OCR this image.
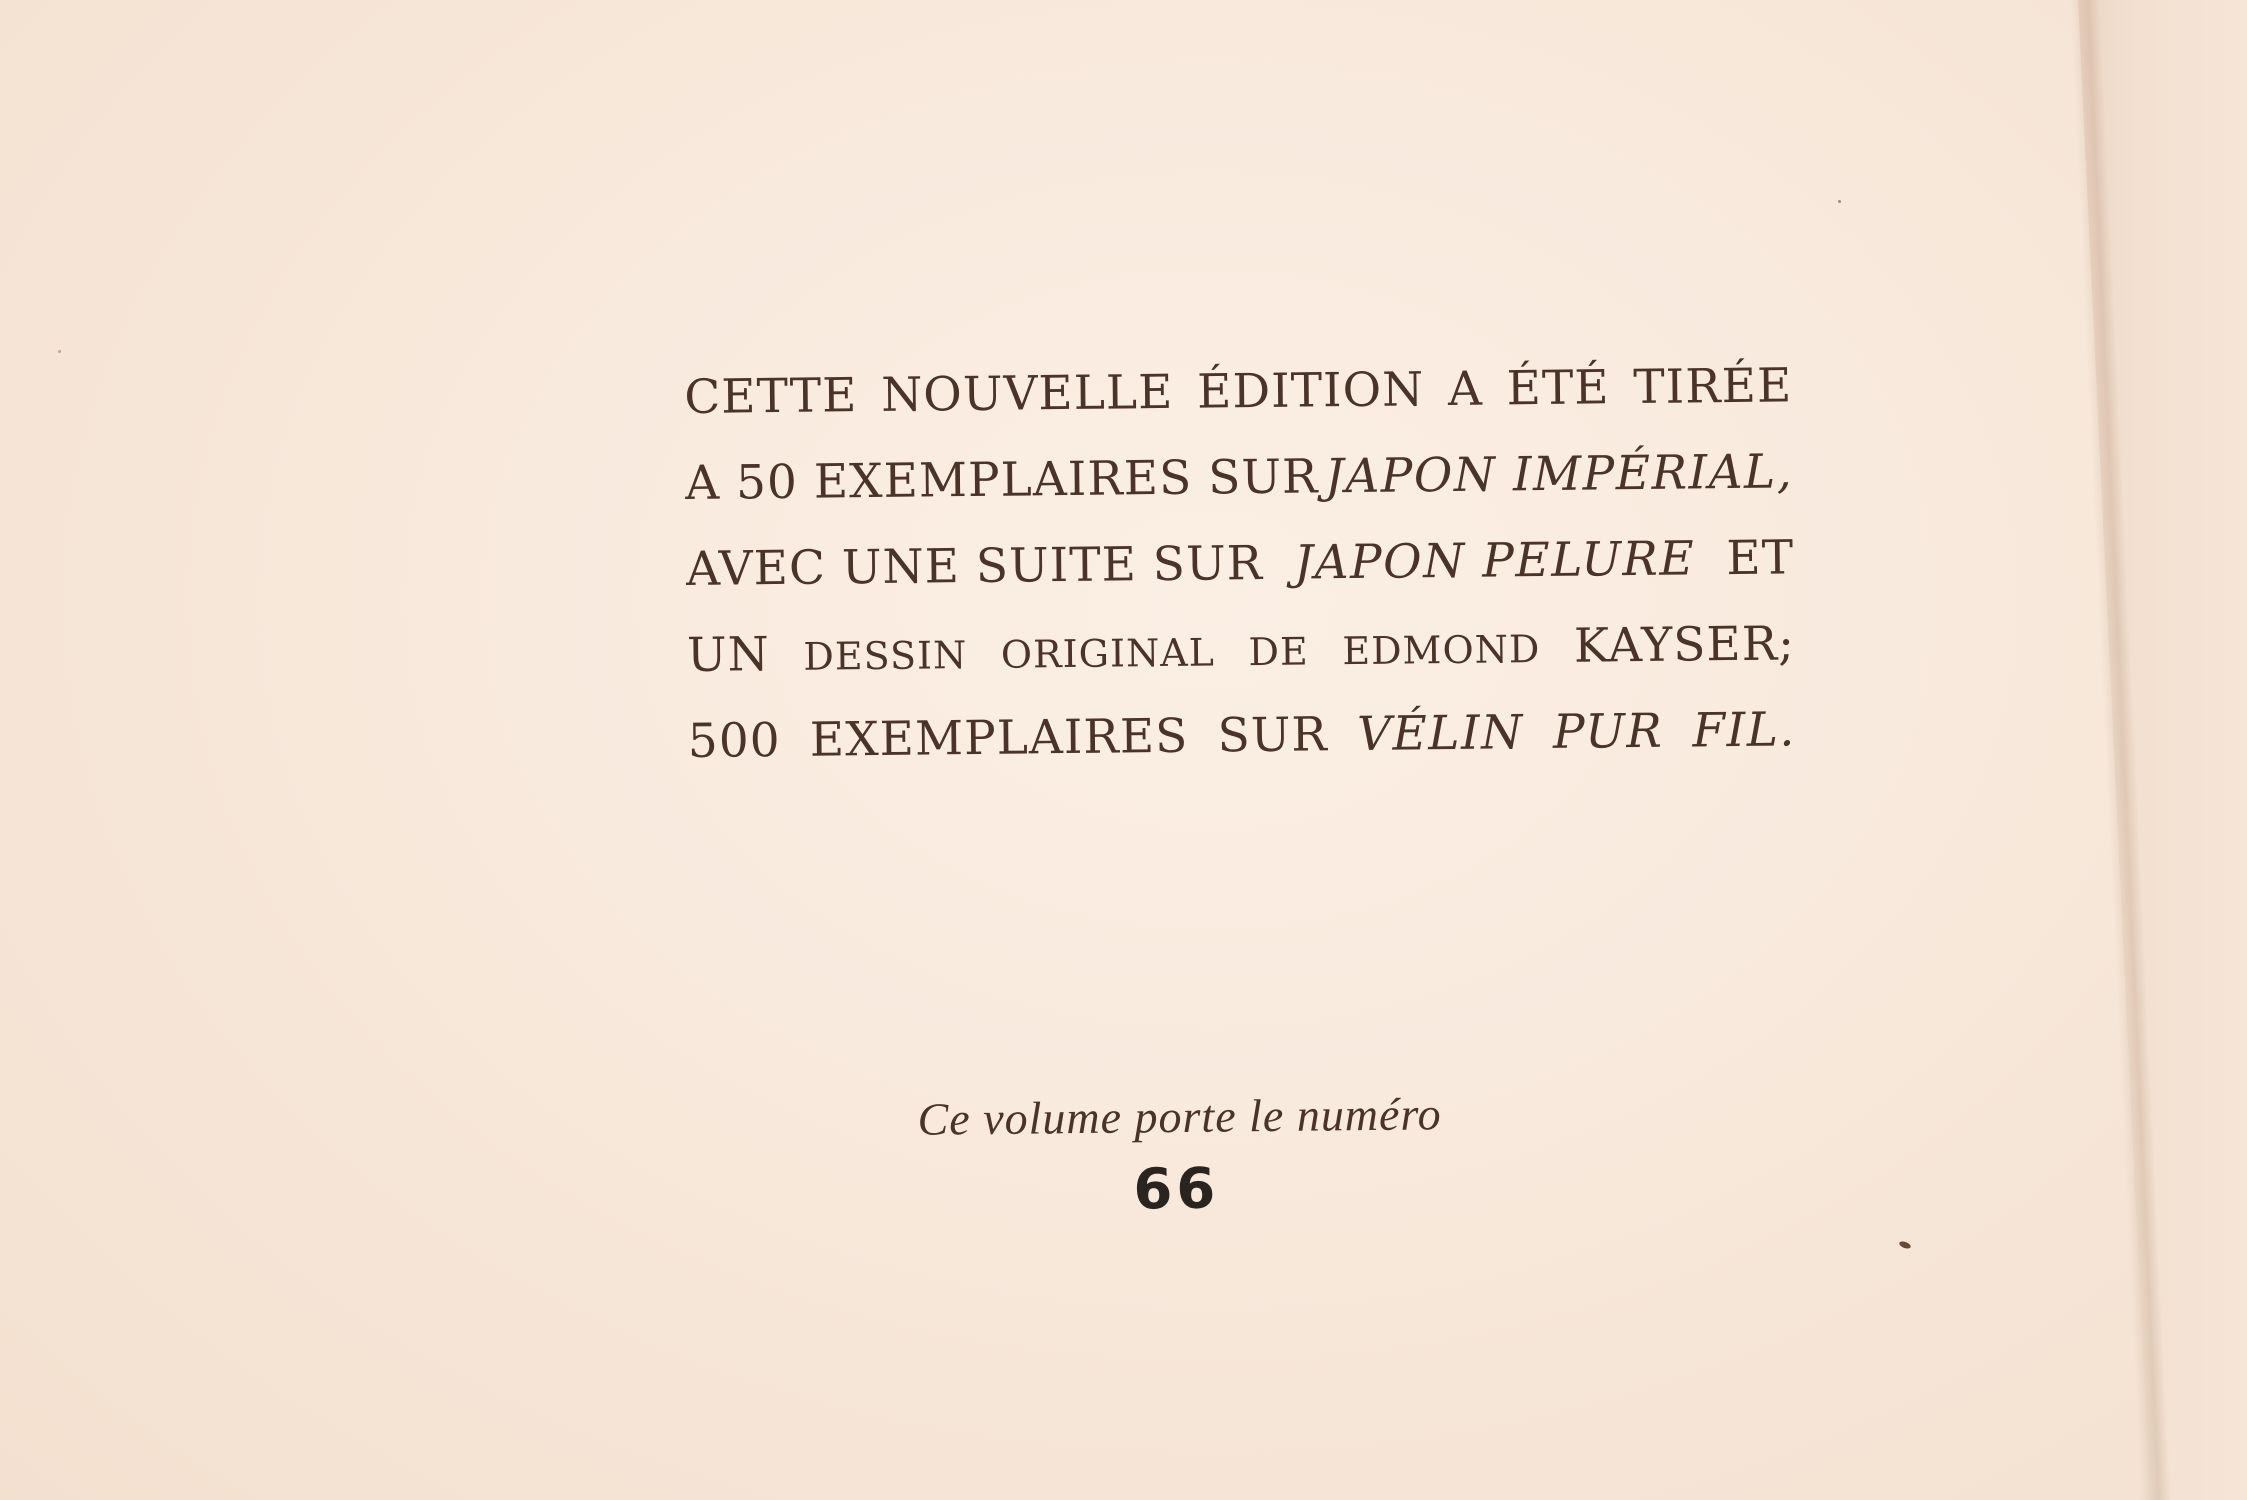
CETTE NOUVELLE ÉDITION A ÉTÉ TIRÉE
A 50 EXEMPLAIRES SUR JAPON IMPÉRIAL,
AVEC UNE SUITE SUR JAPON PELURE ET
UN DESSIN ORIGINAL DE EDMOND KAYSER;
500 EXEMPLAIRES SUR VÉLIN PUR FIL.
Ce volume porte le numéro
66
